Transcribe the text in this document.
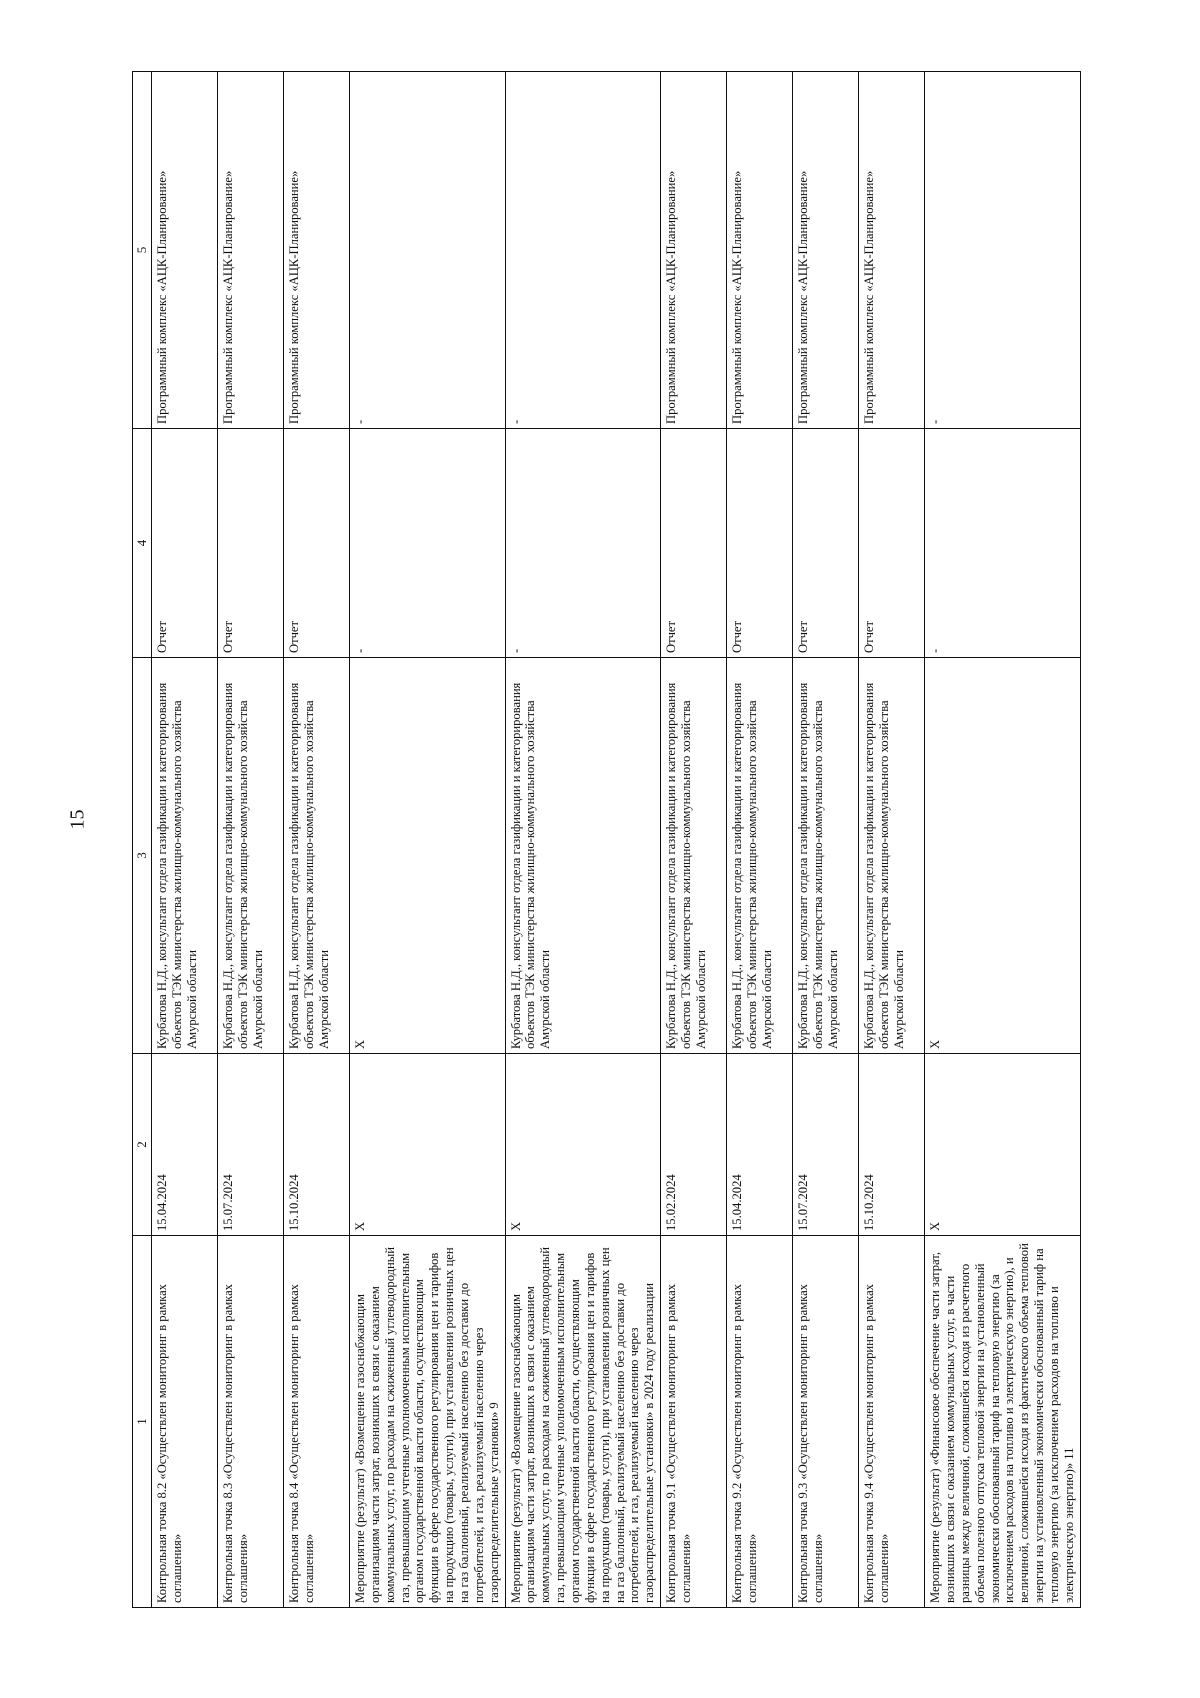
15
1	2	3	4	5
Контрольная точка 8.2 «Осуществлен мониторинг в рамках соглашения»	15.04.2024	Курбатова Н.Д., консультант отдела газификации и категорирования объектов ТЭК министерства жилищно-коммунального хозяйства Амурской области	Отчет	Программный комплекс «АЦК-Планирование»
Контрольная точка 8.3 «Осуществлен мониторинг в рамках соглашения»	15.07.2024	Курбатова Н.Д., консультант отдела газификации и категорирования объектов ТЭК министерства жилищно-коммунального хозяйства Амурской области	Отчет	Программный комплекс «АЦК-Планирование»
Контрольная точка 8.4 «Осуществлен мониторинг в рамках соглашения»	15.10.2024	Курбатова Н.Д., консультант отдела газификации и категорирования объектов ТЭК министерства жилищно-коммунального хозяйства Амурской области	Отчет	Программный комплекс «АЦК-Планирование»
Мероприятие (результат) «Возмещение газоснабжающим организациям части затрат, возникших в связи с оказанием коммунальных услуг, по расходам на сжиженный углеводородный газ, превышающим учтенные уполномоченным исполнительным органом государственной власти области, осуществляющим функции в сфере государственного регулирования цен и тарифов на продукцию (товары, услуги), при установлении розничных цен на газ баллонный, реализуемый населению без доставки до потребителей, и газ, реализуемый населению через газораспределительные установки» 9	X	X	-	-
Мероприятие (результат) «Возмещение газоснабжающим организациям части затрат, возникших в связи с оказанием коммунальных услуг, по расходам на сжиженный углеводородный газ, превышающим учтенные уполномоченным исполнительным органом государственной власти области, осуществляющим функции в сфере государственного регулирования цен и тарифов на продукцию (товары, услуги), при установлении розничных цен на газ баллонный, реализуемый населению без доставки до потребителей, и газ, реализуемый населению через газораспределительные установки» в 2024 году реализации	X	Курбатова Н.Д., консультант отдела газификации и категорирования объектов ТЭК министерства жилищно-коммунального хозяйства Амурской области	-	-
Контрольная точка 9.1 «Осуществлен мониторинг в рамках соглашения»	15.02.2024	Курбатова Н.Д., консультант отдела газификации и категорирования объектов ТЭК министерства жилищно-коммунального хозяйства Амурской области	Отчет	Программный комплекс «АЦК-Планирование»
Контрольная точка 9.2 «Осуществлен мониторинг в рамках соглашения»	15.04.2024	Курбатова Н.Д., консультант отдела газификации и категорирования объектов ТЭК министерства жилищно-коммунального хозяйства Амурской области	Отчет	Программный комплекс «АЦК-Планирование»
Контрольная точка 9.3 «Осуществлен мониторинг в рамках соглашения»	15.07.2024	Курбатова Н.Д., консультант отдела газификации и категорирования объектов ТЭК министерства жилищно-коммунального хозяйства Амурской области	Отчет	Программный комплекс «АЦК-Планирование»
Контрольная точка 9.4 «Осуществлен мониторинг в рамках соглашения»	15.10.2024	Курбатова Н.Д., консультант отдела газификации и категорирования объектов ТЭК министерства жилищно-коммунального хозяйства Амурской области	Отчет	Программный комплекс «АЦК-Планирование»
Мероприятие (результат) «Финансовое обеспечение части затрат, возникших в связи с оказанием коммунальных услуг, в части разницы между величиной, сложившейся исходя из расчетного объема полезного отпуска тепловой энергии на установленный экономически обоснованный тариф на тепловую энергию (за исключением расходов на топливо и электрическую энергию), и величиной, сложившейся исходя из фактического объема тепловой энергии на установленный экономически обоснованный тариф на тепловую энергию (за исключением расходов на топливо и электрическую энергию)» 11	X	X	-	-
